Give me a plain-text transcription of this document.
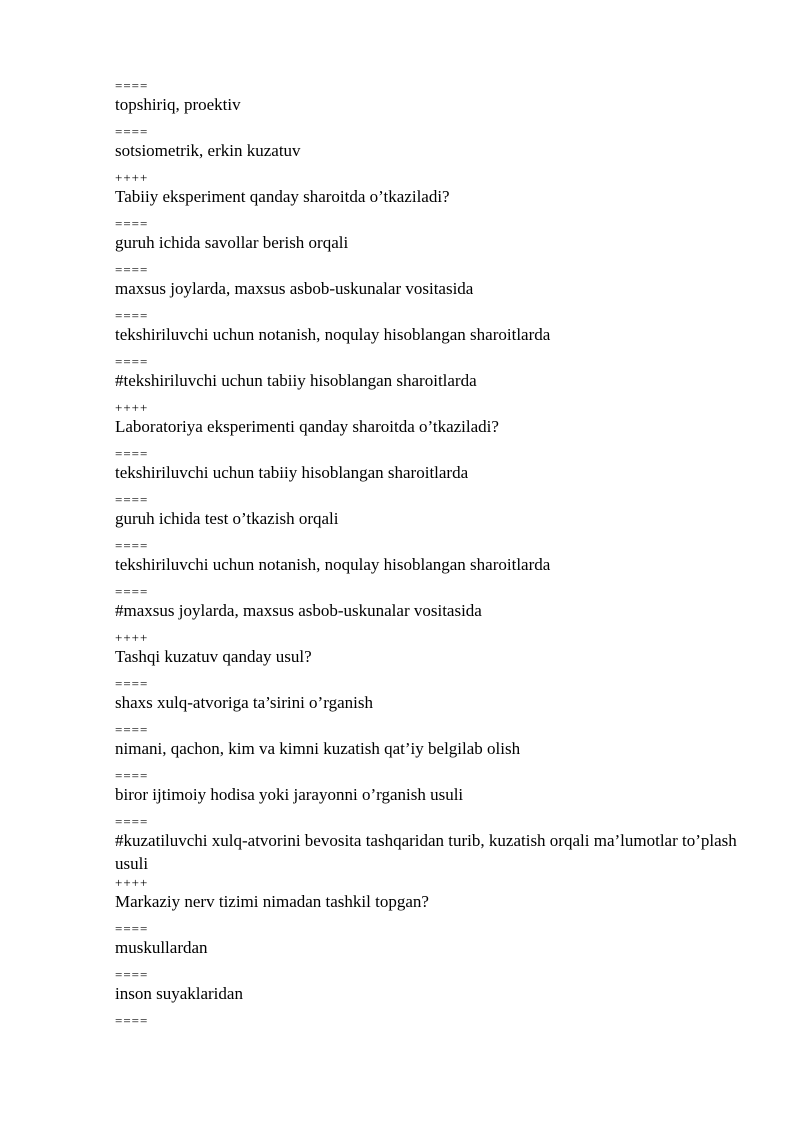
====
topshiriq, proektiv
====
sotsiometrik, erkin kuzatuv
++++
Tabiiy eksperiment qanday sharoitda o’tkaziladi?
====
guruh ichida savollar berish orqali
====
maxsus joylarda, maxsus asbob-uskunalar vositasida
====
tekshiriluvchi uchun notanish, noqulay hisoblangan sharoitlarda
====
#tekshiriluvchi uchun tabiiy hisoblangan sharoitlarda
++++
Laboratoriya eksperimenti qanday sharoitda o’tkaziladi?
====
tekshiriluvchi uchun tabiiy hisoblangan sharoitlarda
====
guruh ichida test o’tkazish orqali
====
tekshiriluvchi uchun notanish, noqulay hisoblangan sharoitlarda
====
#maxsus joylarda, maxsus asbob-uskunalar vositasida
++++
Tashqi kuzatuv qanday usul?
====
shaxs xulq-atvoriga ta’sirini o’rganish
====
nimani, qachon, kim va kimni kuzatish qat’iy belgilab olish
====
biror ijtimoiy hodisa yoki jarayonni o’rganish usuli
====
#kuzatiluvchi xulq-atvorini bevosita tashqaridan turib, kuzatish orqali ma’lumotlar to’plash usuli
++++
Markaziy nerv tizimi nimadan tashkil topgan?
====
muskullardan
====
inson suyaklaridan
====
